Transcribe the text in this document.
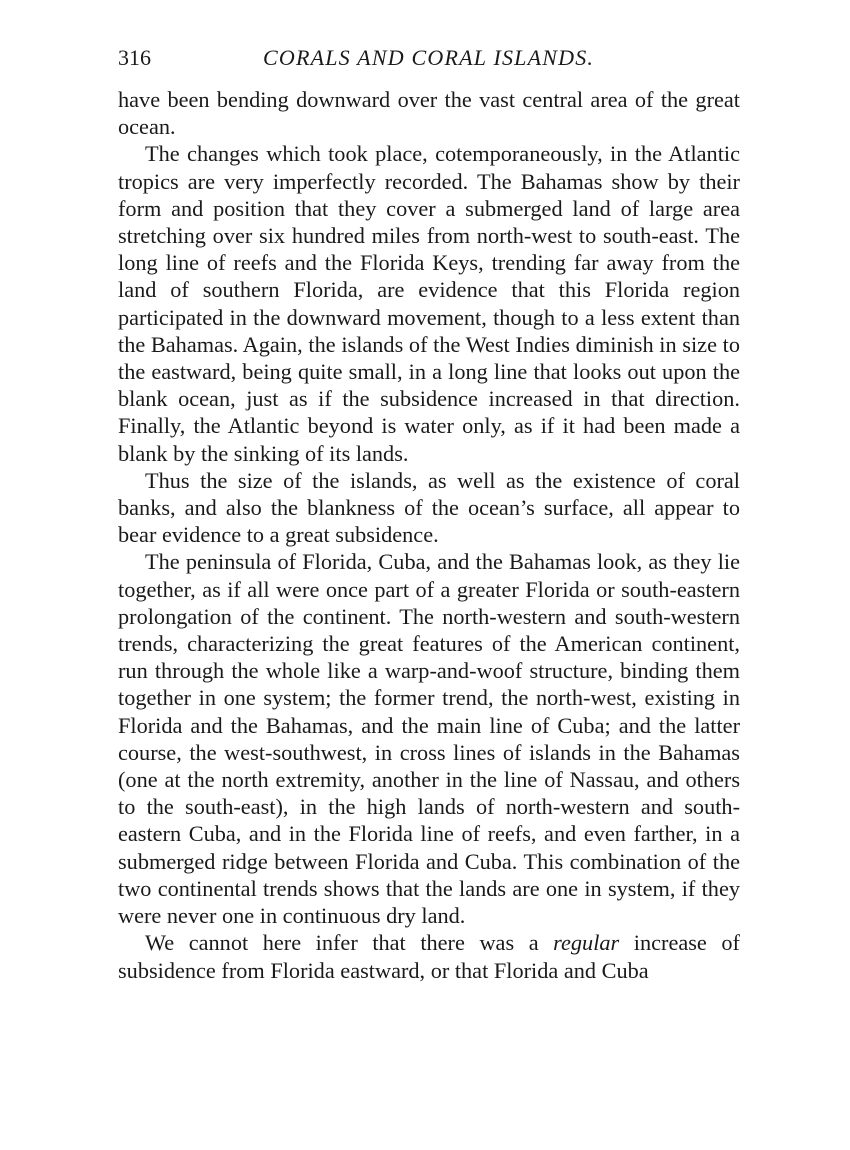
316	CORALS AND CORAL ISLANDS.

have been bending downward over the vast central area of the great ocean.

The changes which took place, cotemporaneously, in the Atlantic tropics are very imperfectly recorded. The Bahamas show by their form and position that they cover a submerged land of large area stretching over six hundred miles from north-west to south-east. The long line of reefs and the Florida Keys, trending far away from the land of southern Florida, are evidence that this Florida region participated in the downward movement, though to a less extent than the Bahamas. Again, the islands of the West Indies diminish in size to the eastward, being quite small, in a long line that looks out upon the blank ocean, just as if the subsidence increased in that direction. Finally, the Atlantic beyond is water only, as if it had been made a blank by the sinking of its lands.

Thus the size of the islands, as well as the existence of coral banks, and also the blankness of the ocean’s surface, all appear to bear evidence to a great subsidence.

The peninsula of Florida, Cuba, and the Bahamas look, as they lie together, as if all were once part of a greater Florida or south-eastern prolongation of the continent. The north-western and south-western trends, characterizing the great features of the American continent, run through the whole like a warp-and-woof structure, binding them together in one system; the former trend, the north-west, existing in Florida and the Bahamas, and the main line of Cuba; and the latter course, the west-southwest, in cross lines of islands in the Bahamas (one at the north extremity, another in the line of Nassau, and others to the south-east), in the high lands of north-western and south-eastern Cuba, and in the Florida line of reefs, and even farther, in a submerged ridge between Florida and Cuba. This combination of the two continental trends shows that the lands are one in system, if they were never one in continuous dry land.

We cannot here infer that there was a regular increase of subsidence from Florida eastward, or that Florida and Cuba
